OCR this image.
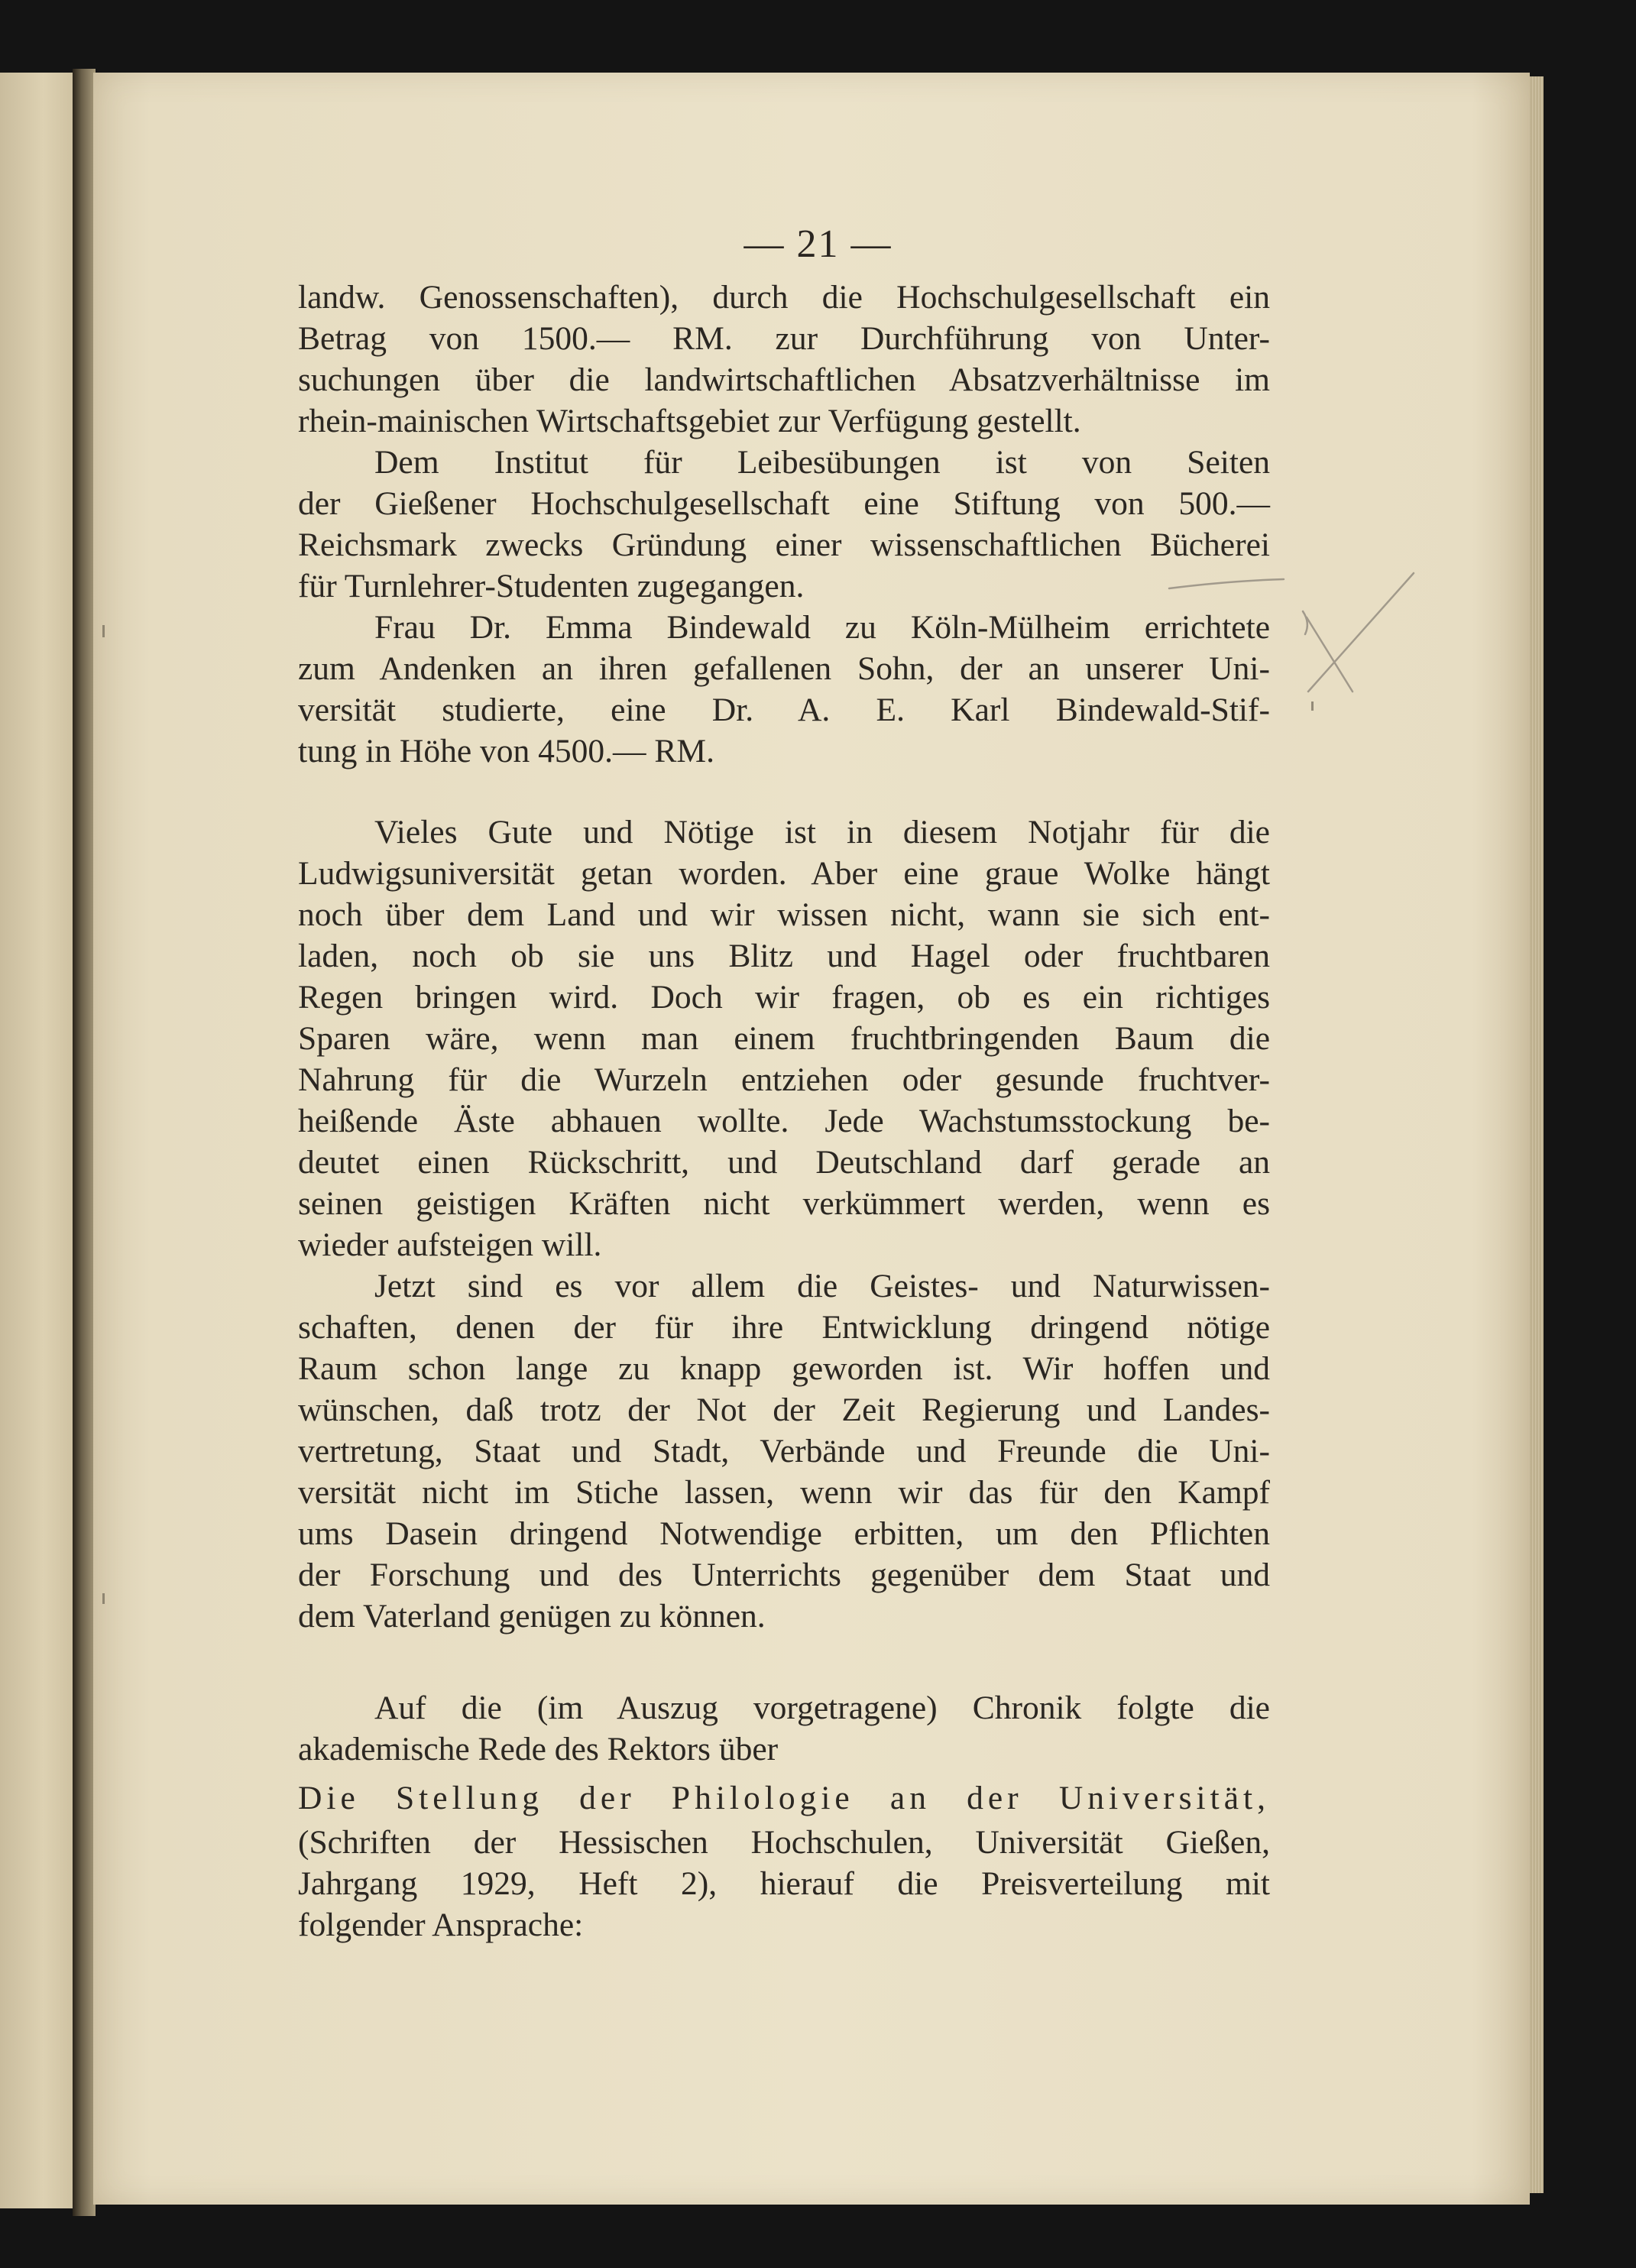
— 21 —
landw. Genossenschaften), durch die Hochschulgesellschaft ein
Betrag von 1500.— RM. zur Durchführung von Unter-
suchungen über die landwirtschaftlichen Absatzverhältnisse im
rhein-mainischen Wirtschaftsgebiet zur Verfügung gestellt.
Dem Institut für Leibesübungen ist von Seiten
der Gießener Hochschulgesellschaft eine Stiftung von 500.—
Reichsmark zwecks Gründung einer wissenschaftlichen Bücherei
für Turnlehrer-Studenten zugegangen.
Frau Dr. Emma Bindewald zu Köln-Mülheim errichtete
zum Andenken an ihren gefallenen Sohn, der an unserer Uni-
versität studierte, eine Dr. A. E. Karl Bindewald-Stif-
tung in Höhe von 4500.— RM.
Vieles Gute und Nötige ist in diesem Notjahr für die
Ludwigsuniversität getan worden. Aber eine graue Wolke hängt
noch über dem Land und wir wissen nicht, wann sie sich ent-
laden, noch ob sie uns Blitz und Hagel oder fruchtbaren
Regen bringen wird. Doch wir fragen, ob es ein richtiges
Sparen wäre, wenn man einem fruchtbringenden Baum die
Nahrung für die Wurzeln entziehen oder gesunde fruchtver-
heißende Äste abhauen wollte. Jede Wachstumsstockung be-
deutet einen Rückschritt, und Deutschland darf gerade an
seinen geistigen Kräften nicht verkümmert werden, wenn es
wieder aufsteigen will.
Jetzt sind es vor allem die Geistes- und Naturwissen-
schaften, denen der für ihre Entwicklung dringend nötige
Raum schon lange zu knapp geworden ist. Wir hoffen und
wünschen, daß trotz der Not der Zeit Regierung und Landes-
vertretung, Staat und Stadt, Verbände und Freunde die Uni-
versität nicht im Stiche lassen, wenn wir das für den Kampf
ums Dasein dringend Notwendige erbitten, um den Pflichten
der Forschung und des Unterrichts gegenüber dem Staat und
dem Vaterland genügen zu können.
Auf die (im Auszug vorgetragene) Chronik folgte die
akademische Rede des Rektors über
Die Stellung der Philologie an der Universität,
(Schriften der Hessischen Hochschulen, Universität Gießen,
Jahrgang 1929, Heft 2), hierauf die Preisverteilung mit
folgender Ansprache:
